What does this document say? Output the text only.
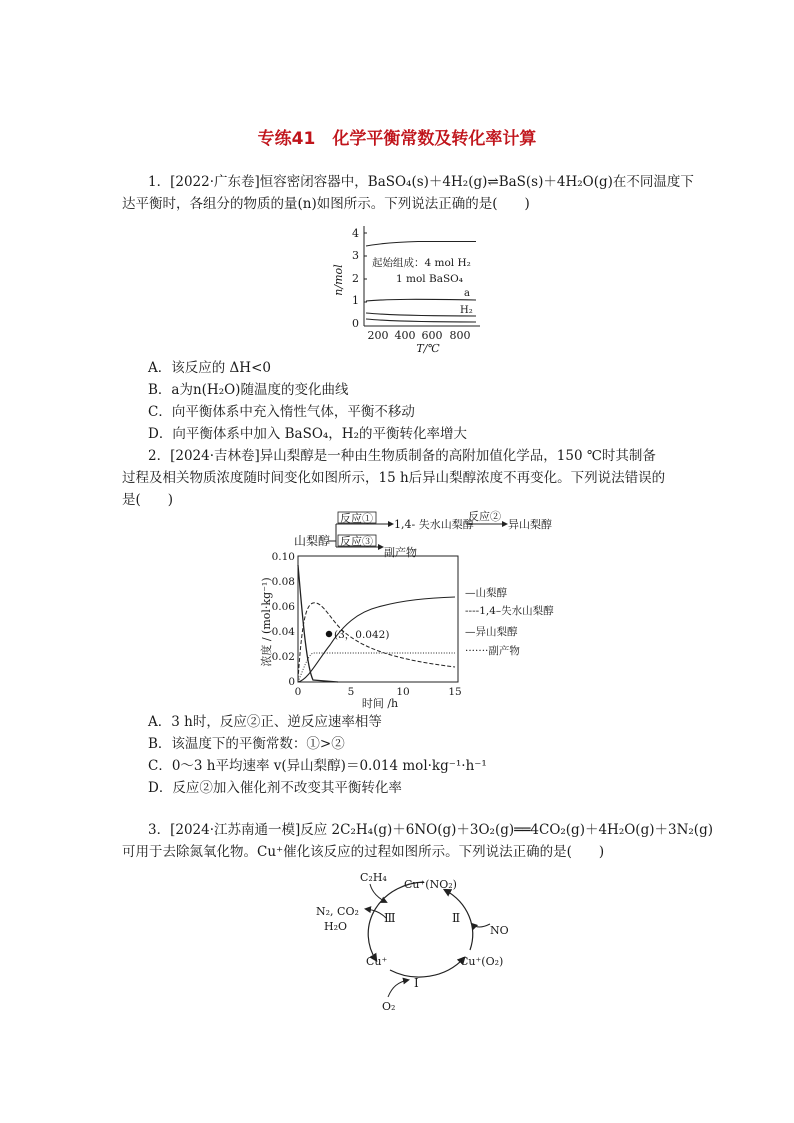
专练41　化学平衡常数及转化率计算
1．[2022·广东卷]恒容密闭容器中，BaSO₄(s)＋4H₂(g)⇌BaS(s)＋4H₂O(g)在不同温度下
达平衡时，各组分的物质的量(n)如图所示。下列说法正确的是(　　)
n/mol
4
3
2
1
0
200 400 600 800
T/℃
起始组成：4 mol H₂
1 mol BaSO₄
a
H₂
A．该反应的 ΔH<0
B．a为n(H₂O)随温度的变化曲线
C．向平衡体系中充入惰性气体，平衡不移动
D．向平衡体系中加入 BaSO₄，H₂的平衡转化率增大
2．[2024·吉林卷]异山梨醇是一种由生物质制备的高附加值化学品，150 ℃时其制备
过程及相关物质浓度随时间变化如图所示，15 h后异山梨醇浓度不再变化。下列说法错误的
是(　　)
山梨醇
反应① 1,4- 失水山梨醇
反应②
异山梨醇
反应③
副产物
浓度 / (mol·kg⁻¹)
0.10
0.08
0.06
0.04
0.02
0
0	5	10	15
时间 /h
(3，0.042)
—山梨醇
----1,4–失水山梨醇
—异山梨醇
·······副产物
A．3 h时，反应②正、逆反应速率相等
B．该温度下的平衡常数：①>②
C．0～3 h平均速率 v(异山梨醇)＝0.014 mol·kg⁻¹·h⁻¹
D．反应②加入催化剂不改变其平衡转化率
3．[2024·江苏南通一模]反应 2C₂H₄(g)＋6NO(g)＋3O₂(g)══4CO₂(g)＋4H₂O(g)＋3N₂(g)
可用于去除氮氧化物。Cu⁺催化该反应的过程如图所示。下列说法正确的是(　　)
Cu⁺(NO₂)
Cu⁺(O₂)
Cu⁺
C₂H₄
N₂, CO₂
H₂O	NO
O₂
Ⅰ
Ⅱ
Ⅲ
